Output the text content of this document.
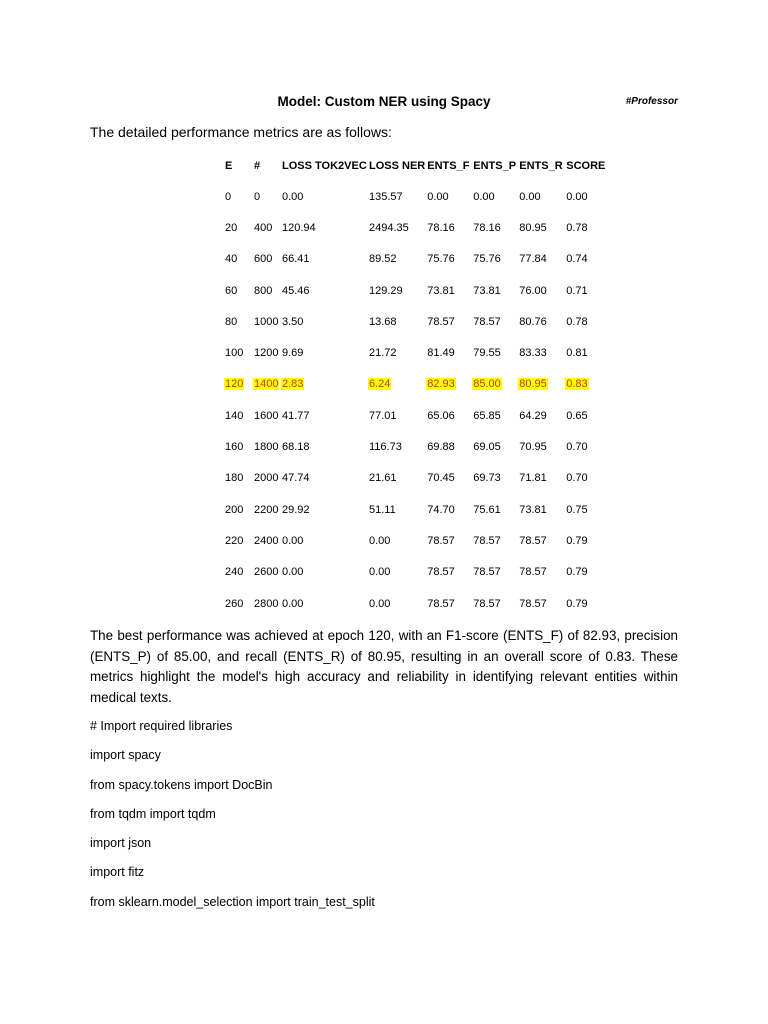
Model: Custom NER using Spacy	#Professor
The detailed performance metrics are as follows:
E	#	LOSS TOK2VEC	LOSS NER	ENTS_F	ENTS_P	ENTS_R	SCORE
0	0	0.00	135.57	0.00	0.00	0.00	0.00
20	400	120.94	2494.35	78.16	78.16	80.95	0.78
40	600	66.41	89.52	75.76	75.76	77.84	0.74
60	800	45.46	129.29	73.81	73.81	76.00	0.71
80	1000	3.50	13.68	78.57	78.57	80.76	0.78
100	1200	9.69	21.72	81.49	79.55	83.33	0.81
120	1400	2.83	6.24	82.93	85.00	80.95	0.83
140	1600	41.77	77.01	65.06	65.85	64.29	0.65
160	1800	68.18	116.73	69.88	69.05	70.95	0.70
180	2000	47.74	21.61	70.45	69.73	71.81	0.70
200	2200	29.92	51.11	74.70	75.61	73.81	0.75
220	2400	0.00	0.00	78.57	78.57	78.57	0.79
240	2600	0.00	0.00	78.57	78.57	78.57	0.79
260	2800	0.00	0.00	78.57	78.57	78.57	0.79

The best performance was achieved at epoch 120, with an F1-score (ENTS_F) of 82.93, precision (ENTS_P) of 85.00, and recall (ENTS_R) of 80.95, resulting in an overall score of 0.83. These metrics highlight the model's high accuracy and reliability in identifying relevant entities within medical texts.

# Import required libraries
import spacy
from spacy.tokens import DocBin
from tqdm import tqdm
import json
import fitz
from sklearn.model_selection import train_test_split
